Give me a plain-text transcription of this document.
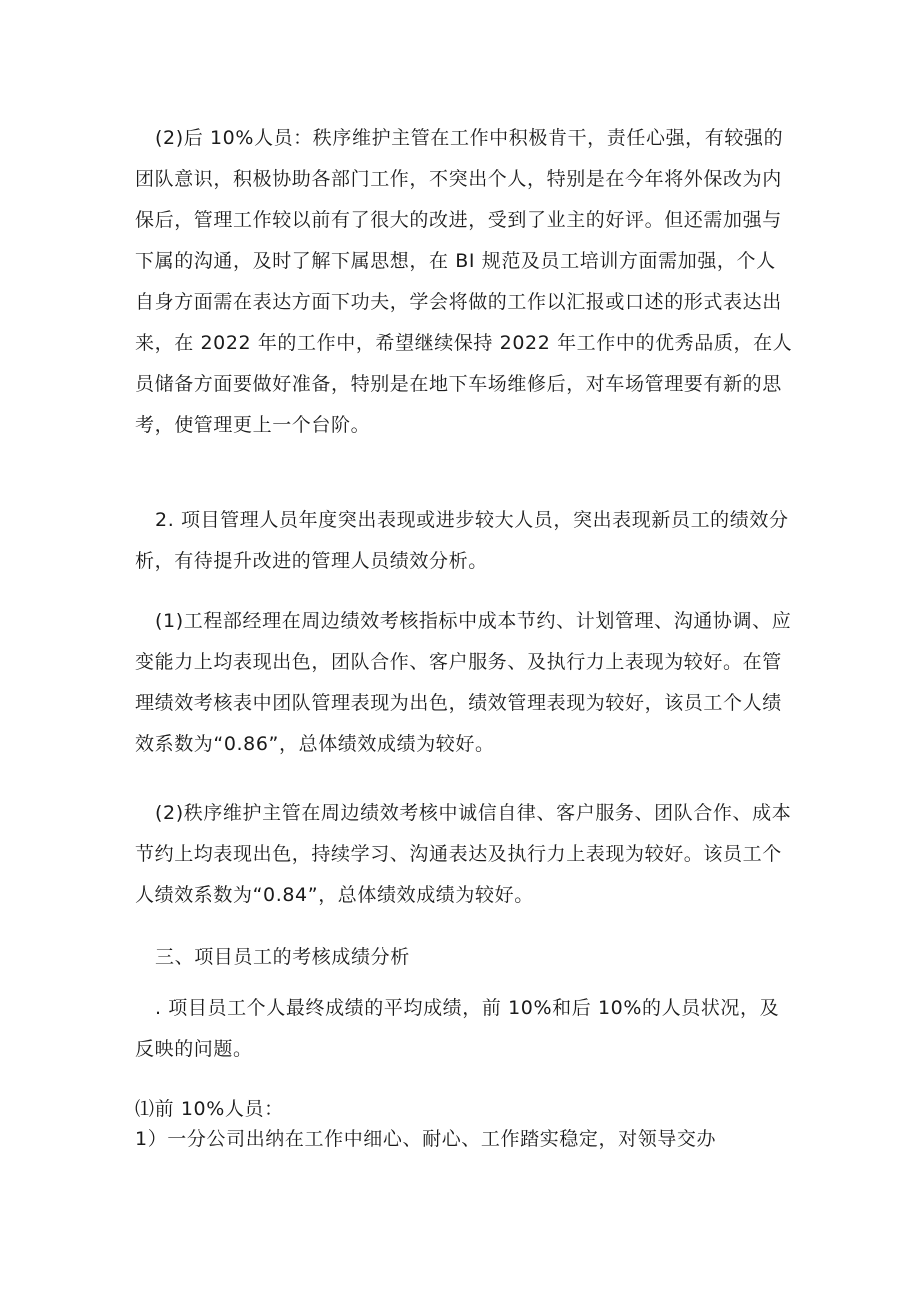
(2)后 10%人员：秩序维护主管在工作中积极肯干，责任心强，有较强的团队意识，积极协助各部门工作，不突出个人，特别是在今年将外保改为内保后，管理工作较以前有了很大的改进，受到了业主的好评。但还需加强与下属的沟通，及时了解下属思想，在 BI 规范及员工培训方面需加强，个人自身方面需在表达方面下功夫，学会将做的工作以汇报或口述的形式表达出来，在 2022 年的工作中，希望继续保持 2022 年工作中的优秀品质，在人员储备方面要做好准备，特别是在地下车场维修后，对车场管理要有新的思考，使管理更上一个台阶。

2. 项目管理人员年度突出表现或进步较大人员，突出表现新员工的绩效分析，有待提升改进的管理人员绩效分析。

(1)工程部经理在周边绩效考核指标中成本节约、计划管理、沟通协调、应变能力上均表现出色，团队合作、客户服务、及执行力上表现为较好。在管理绩效考核表中团队管理表现为出色，绩效管理表现为较好，该员工个人绩效系数为“0.86”，总体绩效成绩为较好。

(2)秩序维护主管在周边绩效考核中诚信自律、客户服务、团队合作、成本节约上均表现出色，持续学习、沟通表达及执行力上表现为较好。该员工个人绩效系数为“0.84”，总体绩效成绩为较好。

三、项目员工的考核成绩分析

. 项目员工个人最终成绩的平均成绩，前 10%和后 10%的人员状况，及反映的问题。

⑴前 10%人员：

1）一分公司出纳在工作中细心、耐心、工作踏实稳定，对领导交办
